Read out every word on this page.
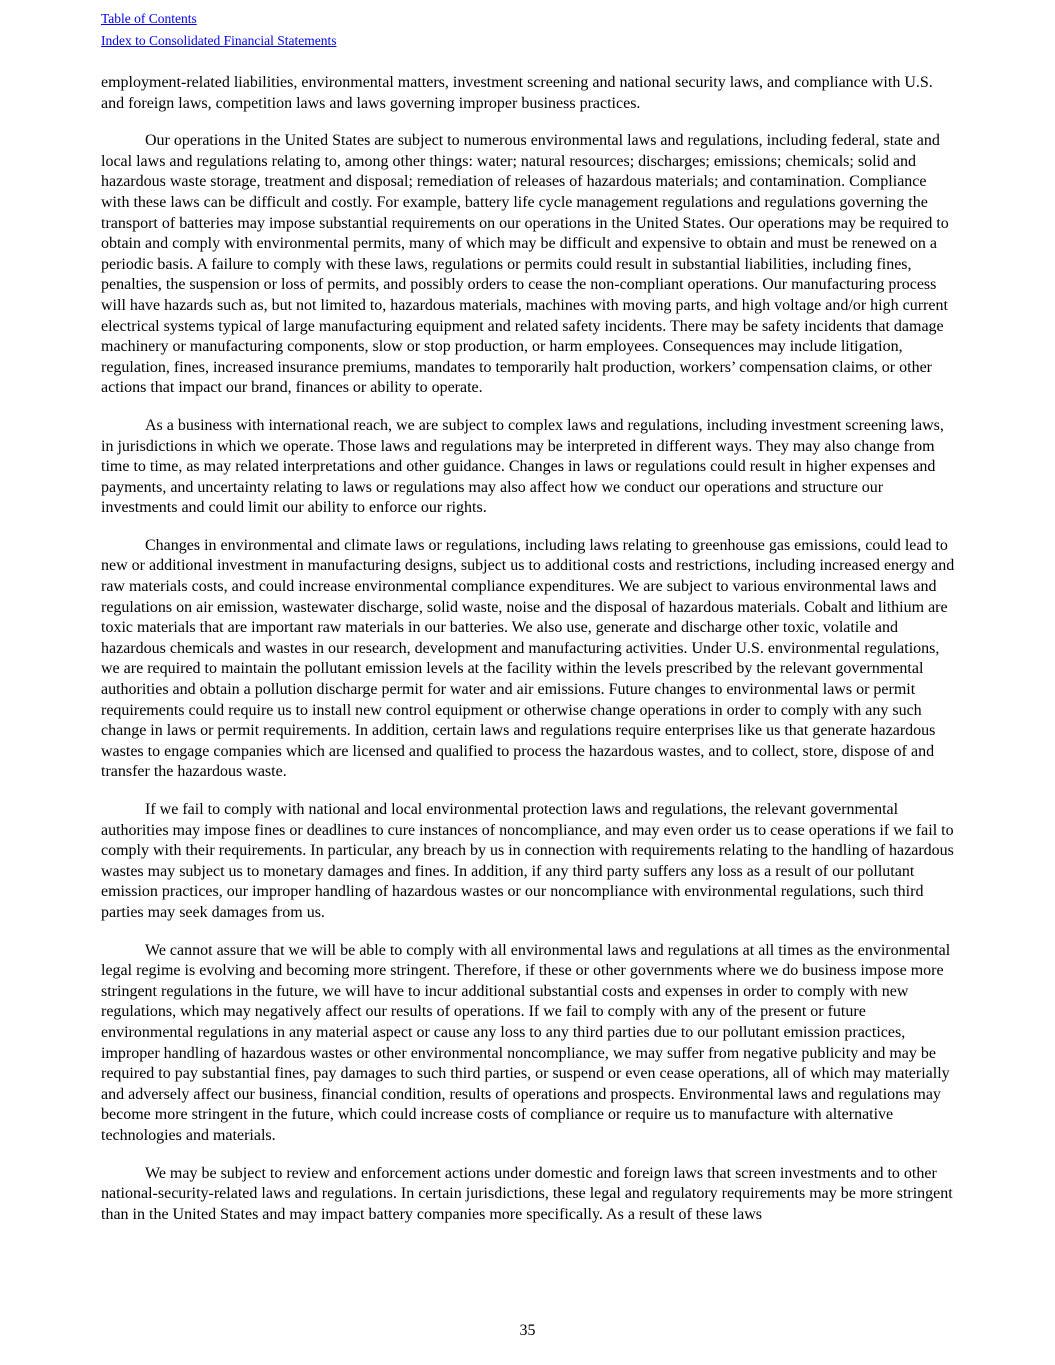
Table of Contents
Index to Consolidated Financial Statements

employment-related liabilities, environmental matters, investment screening and national security laws, and compliance with U.S. and foreign laws, competition laws and laws governing improper business practices.

Our operations in the United States are subject to numerous environmental laws and regulations, including federal, state and local laws and regulations relating to, among other things: water; natural resources; discharges; emissions; chemicals; solid and hazardous waste storage, treatment and disposal; remediation of releases of hazardous materials; and contamination. Compliance with these laws can be difficult and costly. For example, battery life cycle management regulations and regulations governing the transport of batteries may impose substantial requirements on our operations in the United States. Our operations may be required to obtain and comply with environmental permits, many of which may be difficult and expensive to obtain and must be renewed on a periodic basis. A failure to comply with these laws, regulations or permits could result in substantial liabilities, including fines, penalties, the suspension or loss of permits, and possibly orders to cease the non-compliant operations. Our manufacturing process will have hazards such as, but not limited to, hazardous materials, machines with moving parts, and high voltage and/or high current electrical systems typical of large manufacturing equipment and related safety incidents. There may be safety incidents that damage machinery or manufacturing components, slow or stop production, or harm employees. Consequences may include litigation, regulation, fines, increased insurance premiums, mandates to temporarily halt production, workers’ compensation claims, or other actions that impact our brand, finances or ability to operate.

As a business with international reach, we are subject to complex laws and regulations, including investment screening laws, in jurisdictions in which we operate. Those laws and regulations may be interpreted in different ways. They may also change from time to time, as may related interpretations and other guidance. Changes in laws or regulations could result in higher expenses and payments, and uncertainty relating to laws or regulations may also affect how we conduct our operations and structure our investments and could limit our ability to enforce our rights.

Changes in environmental and climate laws or regulations, including laws relating to greenhouse gas emissions, could lead to new or additional investment in manufacturing designs, subject us to additional costs and restrictions, including increased energy and raw materials costs, and could increase environmental compliance expenditures. We are subject to various environmental laws and regulations on air emission, wastewater discharge, solid waste, noise and the disposal of hazardous materials. Cobalt and lithium are toxic materials that are important raw materials in our batteries. We also use, generate and discharge other toxic, volatile and hazardous chemicals and wastes in our research, development and manufacturing activities. Under U.S. environmental regulations, we are required to maintain the pollutant emission levels at the facility within the levels prescribed by the relevant governmental authorities and obtain a pollution discharge permit for water and air emissions. Future changes to environmental laws or permit requirements could require us to install new control equipment or otherwise change operations in order to comply with any such change in laws or permit requirements. In addition, certain laws and regulations require enterprises like us that generate hazardous wastes to engage companies which are licensed and qualified to process the hazardous wastes, and to collect, store, dispose of and transfer the hazardous waste.

If we fail to comply with national and local environmental protection laws and regulations, the relevant governmental authorities may impose fines or deadlines to cure instances of noncompliance, and may even order us to cease operations if we fail to comply with their requirements. In particular, any breach by us in connection with requirements relating to the handling of hazardous wastes may subject us to monetary damages and fines. In addition, if any third party suffers any loss as a result of our pollutant emission practices, our improper handling of hazardous wastes or our noncompliance with environmental regulations, such third parties may seek damages from us.

We cannot assure that we will be able to comply with all environmental laws and regulations at all times as the environmental legal regime is evolving and becoming more stringent. Therefore, if these or other governments where we do business impose more stringent regulations in the future, we will have to incur additional substantial costs and expenses in order to comply with new regulations, which may negatively affect our results of operations. If we fail to comply with any of the present or future environmental regulations in any material aspect or cause any loss to any third parties due to our pollutant emission practices, improper handling of hazardous wastes or other environmental noncompliance, we may suffer from negative publicity and may be required to pay substantial fines, pay damages to such third parties, or suspend or even cease operations, all of which may materially and adversely affect our business, financial condition, results of operations and prospects. Environmental laws and regulations may become more stringent in the future, which could increase costs of compliance or require us to manufacture with alternative technologies and materials.

We may be subject to review and enforcement actions under domestic and foreign laws that screen investments and to other national-security-related laws and regulations. In certain jurisdictions, these legal and regulatory requirements may be more stringent than in the United States and may impact battery companies more specifically. As a result of these laws

35
